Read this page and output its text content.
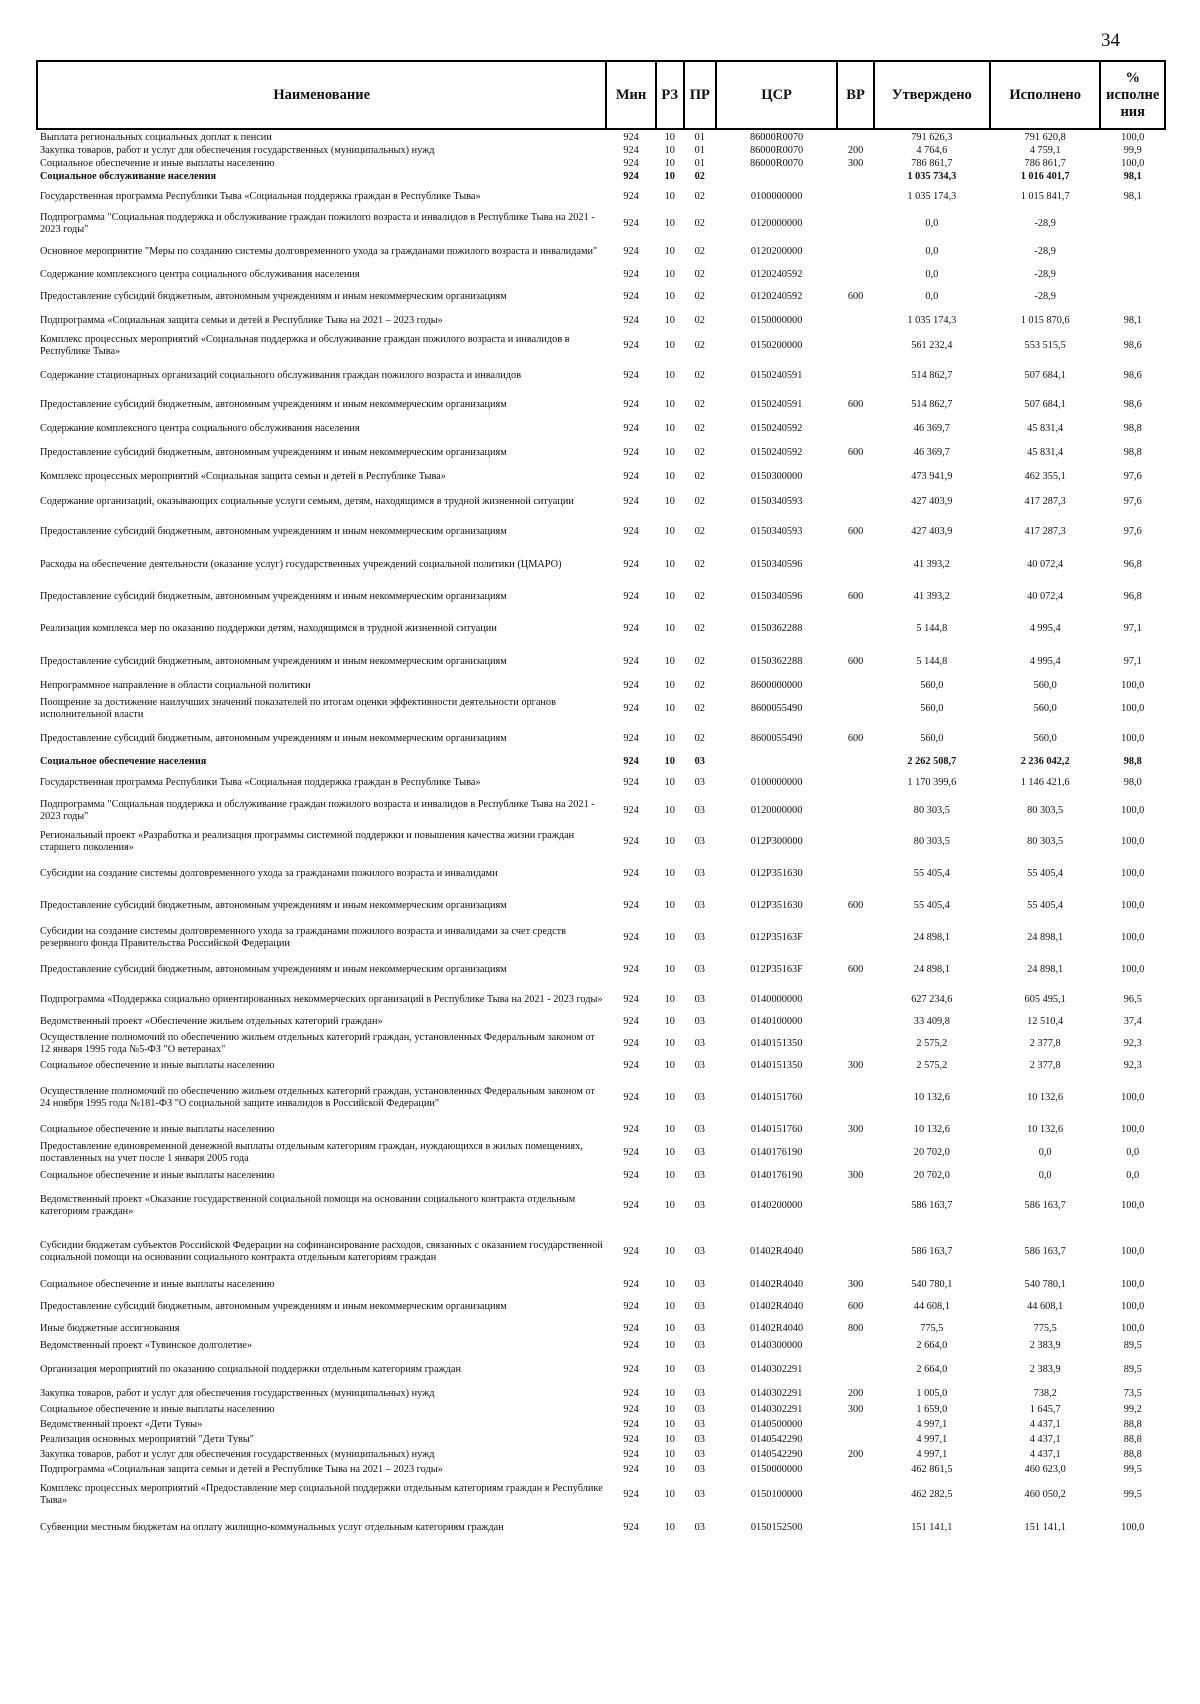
34
Наименование	Мин	РЗ	ПР	ЦСР	ВР	Утверждено	Исполнено	% исполне ния
Выплата региональных социальных доплат к пенсии	924	10	01	86000R0070		791 626,3	791 620,8	100,0
Закупка товаров, работ и услуг для обеспечения государственных (муниципальных) нужд	924	10	01	86000R0070	200	4 764,6	4 759,1	99,9
Социальное обеспечение и иные выплаты населению	924	10	01	86000R0070	300	786 861,7	786 861,7	100,0
Социальное обслуживание населения	924	10	02			1 035 734,3	1 016 401,7	98,1
Государственная программа Республики Тыва «Социальная поддержка граждан в Республике Тыва»	924	10	02	0100000000		1 035 174,3	1 015 841,7	98,1
Подпрограмма "Социальная поддержка и обслуживание граждан пожилого возраста и инвалидов в Республике Тыва на 2021 - 2023 годы"	924	10	02	0120000000		0,0	-28,9	
Основное мероприятие "Меры по созданию системы долговременного ухода за гражданами пожилого возраста и инвалидами"	924	10	02	0120200000		0,0	-28,9	
Содержание комплексного центра социального обслуживания населения	924	10	02	0120240592		0,0	-28,9	
Предоставление субсидий бюджетным, автономным учреждениям и иным некоммерческим организациям	924	10	02	0120240592	600	0,0	-28,9	
Подпрограмма «Социальная защита семьи и детей в Республике Тыва на 2021 – 2023 годы»	924	10	02	0150000000		1 035 174,3	1 015 870,6	98,1
Комплекс процессных мероприятий «Социальная поддержка и обслуживание граждан пожилого возраста и инвалидов в Республике Тыва»	924	10	02	0150200000		561 232,4	553 515,5	98,6
Содержание стационарных организаций социального обслуживания граждан пожилого возраста и инвалидов	924	10	02	0150240591		514 862,7	507 684,1	98,6
Предоставление субсидий бюджетным, автономным учреждениям и иным некоммерческим организациям	924	10	02	0150240591	600	514 862,7	507 684,1	98,6
Содержание комплексного центра социального обслуживания населения	924	10	02	0150240592		46 369,7	45 831,4	98,8
Предоставление субсидий бюджетным, автономным учреждениям и иным некоммерческим организациям	924	10	02	0150240592	600	46 369,7	45 831,4	98,8
Комплекс процессных мероприятий «Социальная защита семьи и детей в Республике Тыва»	924	10	02	0150300000		473 941,9	462 355,1	97,6
Содержание организаций, оказывающих социальные услуги семьям, детям, находящимся в трудной жизненной ситуации	924	10	02	0150340593		427 403,9	417 287,3	97,6
Предоставление субсидий бюджетным, автономным учреждениям и иным некоммерческим организациям	924	10	02	0150340593	600	427 403,9	417 287,3	97,6
Расходы на обеспечение деятельности (оказание услуг) государственных учреждений социальной политики (ЦМАРО)	924	10	02	0150340596		41 393,2	40 072,4	96,8
Предоставление субсидий бюджетным, автономным учреждениям и иным некоммерческим организациям	924	10	02	0150340596	600	41 393,2	40 072,4	96,8
Реализация комплекса мер по оказанию поддержки детям, находящимся в трудной жизненной ситуации	924	10	02	0150362288		5 144,8	4 995,4	97,1
Предоставление субсидий бюджетным, автономным учреждениям и иным некоммерческим организациям	924	10	02	0150362288	600	5 144,8	4 995,4	97,1
Непрограммное направление в области социальной политики	924	10	02	8600000000		560,0	560,0	100,0
Поощрение за достижение наилучших значений показателей по итогам оценки эффективности деятельности органов исполнительной власти	924	10	02	8600055490		560,0	560,0	100,0
Предоставление субсидий бюджетным, автономным учреждениям и иным некоммерческим организациям	924	10	02	8600055490	600	560,0	560,0	100,0
Социальное обеспечение населения	924	10	03			2 262 508,7	2 236 042,2	98,8
Государственная программа Республики Тыва «Социальная поддержка граждан в Республике Тыва»	924	10	03	0100000000		1 170 399,6	1 146 421,6	98,0
Подпрограмма "Социальная поддержка и обслуживание граждан пожилого возраста и инвалидов в Республике Тыва на 2021 - 2023 годы"	924	10	03	0120000000		80 303,5	80 303,5	100,0
Региональный проект «Разработка и реализация программы системной поддержки и повышения качества жизни граждан старшего поколения»	924	10	03	012P300000		80 303,5	80 303,5	100,0
Субсидии на создание системы долговременного ухода за гражданами пожилого возраста и инвалидами	924	10	03	012P351630		55 405,4	55 405,4	100,0
Предоставление субсидий бюджетным, автономным учреждениям и иным некоммерческим организациям	924	10	03	012P351630	600	55 405,4	55 405,4	100,0
Субсидии на создание системы долговременного ухода за гражданами пожилого возраста и инвалидами за счет средств резервного фонда Правительства Российской Федерации	924	10	03	012P35163F		24 898,1	24 898,1	100,0
Предоставление субсидий бюджетным, автономным учреждениям и иным некоммерческим организациям	924	10	03	012P35163F	600	24 898,1	24 898,1	100,0
Подпрограмма «Поддержка социально ориентированных некоммерческих организаций в Республике Тыва на 2021 - 2023 годы»	924	10	03	0140000000		627 234,6	605 495,1	96,5
Ведомственный проект «Обеспечение жильем отдельных категорий граждан»	924	10	03	0140100000		33 409,8	12 510,4	37,4
Осуществление полномочий по обеспечению жильем отдельных категорий граждан, установленных Федеральным законом от 12 января 1995 года №5-ФЗ "О ветеранах"	924	10	03	0140151350		2 575,2	2 377,8	92,3
Социальное обеспечение и иные выплаты населению	924	10	03	0140151350	300	2 575,2	2 377,8	92,3
Осуществление полномочий по обеспечению жильем отдельных категорий граждан, установленных Федеральным законом от 24 ноября 1995 года №181-ФЗ "О социальной защите инвалидов в Российской Федерации"	924	10	03	0140151760		10 132,6	10 132,6	100,0
Социальное обеспечение и иные выплаты населению	924	10	03	0140151760	300	10 132,6	10 132,6	100,0
Предоставление единовременной денежной выплаты отдельным категориям граждан, нуждающихся в жилых помещениях, поставленных на учет после 1 января 2005 года	924	10	03	0140176190		20 702,0	0,0	0,0
Социальное обеспечение и иные выплаты населению	924	10	03	0140176190	300	20 702,0	0,0	0,0
Ведомственный проект «Оказание государственной социальной помощи на основании социального контракта отдельным категориям граждан»	924	10	03	0140200000		586 163,7	586 163,7	100,0
Субсидии бюджетам субъектов Российской Федерации на софинансирование расходов, связанных с оказанием государственной социальной помощи на основании социального контракта отдельным категориям граждан	924	10	03	01402R4040		586 163,7	586 163,7	100,0
Социальное обеспечение и иные выплаты населению	924	10	03	01402R4040	300	540 780,1	540 780,1	100,0
Предоставление субсидий бюджетным, автономным учреждениям и иным некоммерческим организациям	924	10	03	01402R4040	600	44 608,1	44 608,1	100,0
Иные бюджетные ассигнования	924	10	03	01402R4040	800	775,5	775,5	100,0
Ведомственный проект «Тувинское долголетие»	924	10	03	0140300000		2 664,0	2 383,9	89,5
Организация мероприятий по оказанию социальной поддержки отдельным категориям граждан	924	10	03	0140302291		2 664,0	2 383,9	89,5
Закупка товаров, работ и услуг для обеспечения государственных (муниципальных) нужд	924	10	03	0140302291	200	1 005,0	738,2	73,5
Социальное обеспечение и иные выплаты населению	924	10	03	0140302291	300	1 659,0	1 645,7	99,2
Ведомственный проект «Дети Тувы»	924	10	03	0140500000		4 997,1	4 437,1	88,8
Реализация основных мероприятий "Дети Тувы"	924	10	03	0140542290		4 997,1	4 437,1	88,8
Закупка товаров, работ и услуг для обеспечения государственных (муниципальных) нужд	924	10	03	0140542290	200	4 997,1	4 437,1	88,8
Подпрограмма «Социальная защита семьи и детей в Республике Тыва на 2021 – 2023 годы»	924	10	03	0150000000		462 861,5	460 623,0	99,5
Комплекс процессных мероприятий «Предоставление мер социальной поддержки отдельным категориям граждан в Республике Тыва»	924	10	03	0150100000		462 282,5	460 050,2	99,5
Субвенции местным бюджетам на оплату жилищно-коммунальных услуг отдельным категориям граждан	924	10	03	0150152500		151 141,1	151 141,1	100,0
